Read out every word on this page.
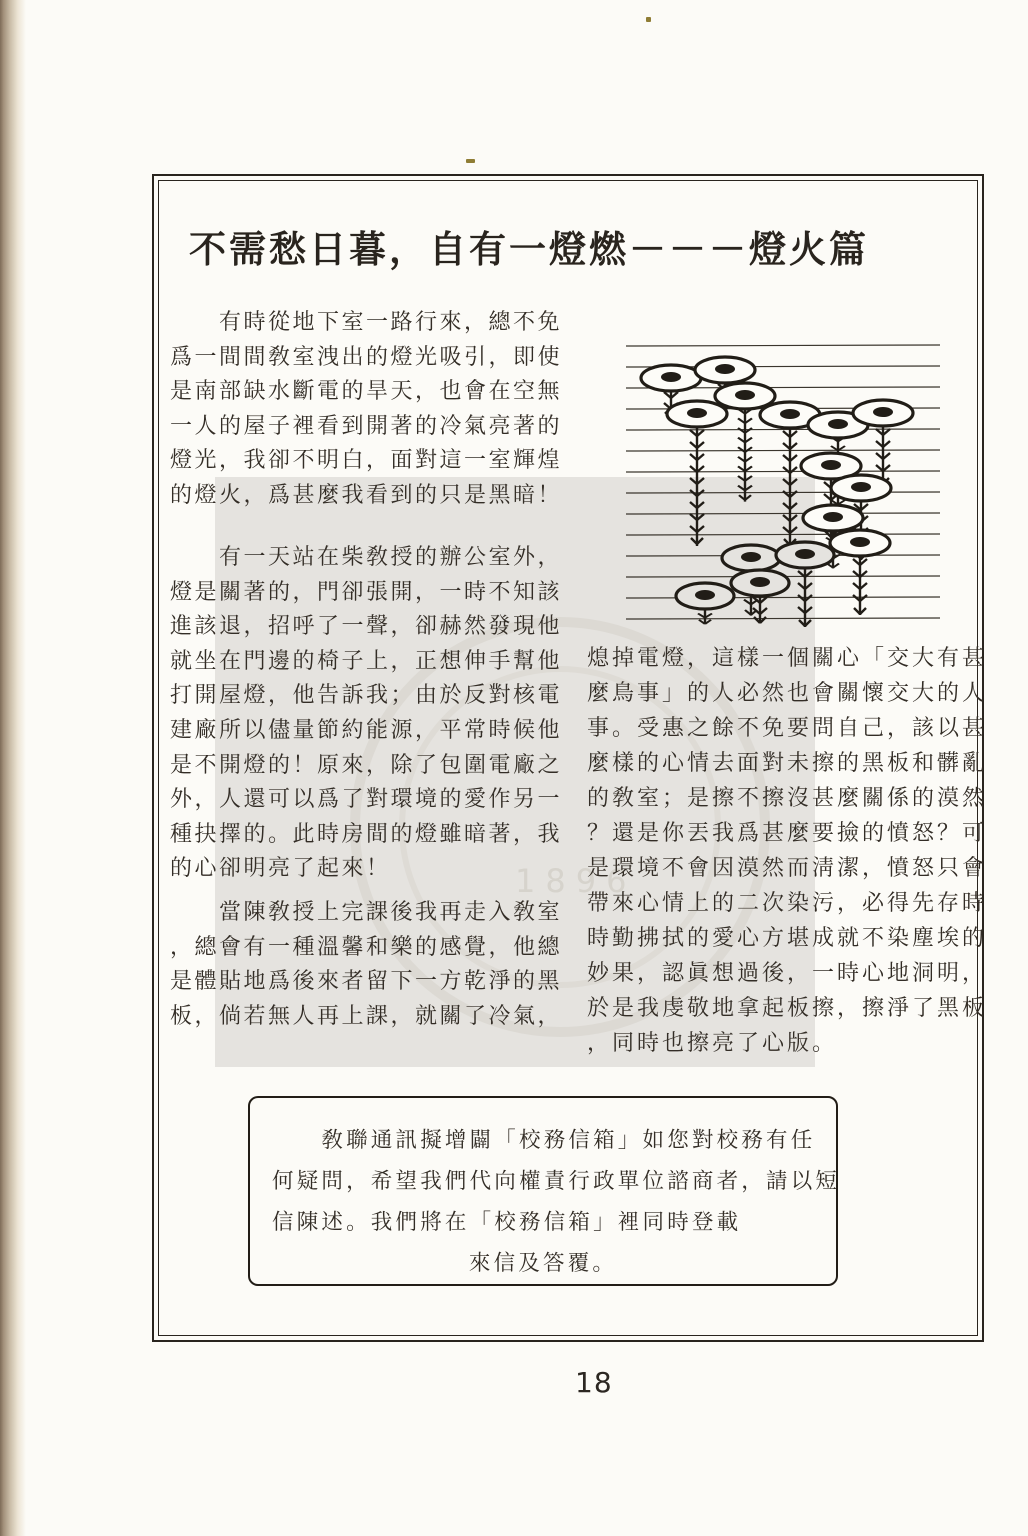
1896
不需愁日暮，自有一燈燃－－－燈火篇
　　有時從地下室一路行來，總不免
爲一間間敎室洩出的燈光吸引，即使
是南部缺水斷電的旱天，也會在空無
一人的屋子裡看到開著的冷氣亮著的
燈光，我卻不明白，面對這一室輝煌
的燈火，爲甚麼我看到的只是黑暗！
　　有一天站在柴敎授的辦公室外，
燈是關著的，門卻張開，一時不知該
進該退，招呼了一聲，卻赫然發現他
就坐在門邊的椅子上，正想伸手幫他
打開屋燈，他告訴我；由於反對核電
建廠所以儘量節約能源，平常時候他
是不開燈的！原來，除了包圍電廠之
外，人還可以爲了對環境的愛作另一
種抉擇的。此時房間的燈雖暗著，我
的心卻明亮了起來！
　　當陳敎授上完課後我再走入敎室
，總會有一種溫馨和樂的感覺，他總
是體貼地爲後來者留下一方乾淨的黑
板，倘若無人再上課，就關了冷氣，
熄掉電燈，這樣一個關心「交大有甚
麼鳥事」的人必然也會關懷交大的人
事。受惠之餘不免要問自己，該以甚
麼樣的心情去面對未擦的黑板和髒亂
的敎室；是擦不擦沒甚麼關係的漠然
？還是你丟我爲甚麼要撿的憤怒？可
是環境不會因漠然而淸潔，憤怒只會
帶來心情上的二次染污，必得先存時
時勤拂拭的愛心方堪成就不染塵埃的
妙果，認眞想過後，一時心地洞明，
於是我虔敬地拿起板擦，擦淨了黑板
，同時也擦亮了心版。
　　敎聯通訊擬增闢「校務信箱」如您對校務有任
何疑問，希望我們代向權責行政單位諮商者，請以短
信陳述。我們將在「校務信箱」裡同時登載
來信及答覆。
18
